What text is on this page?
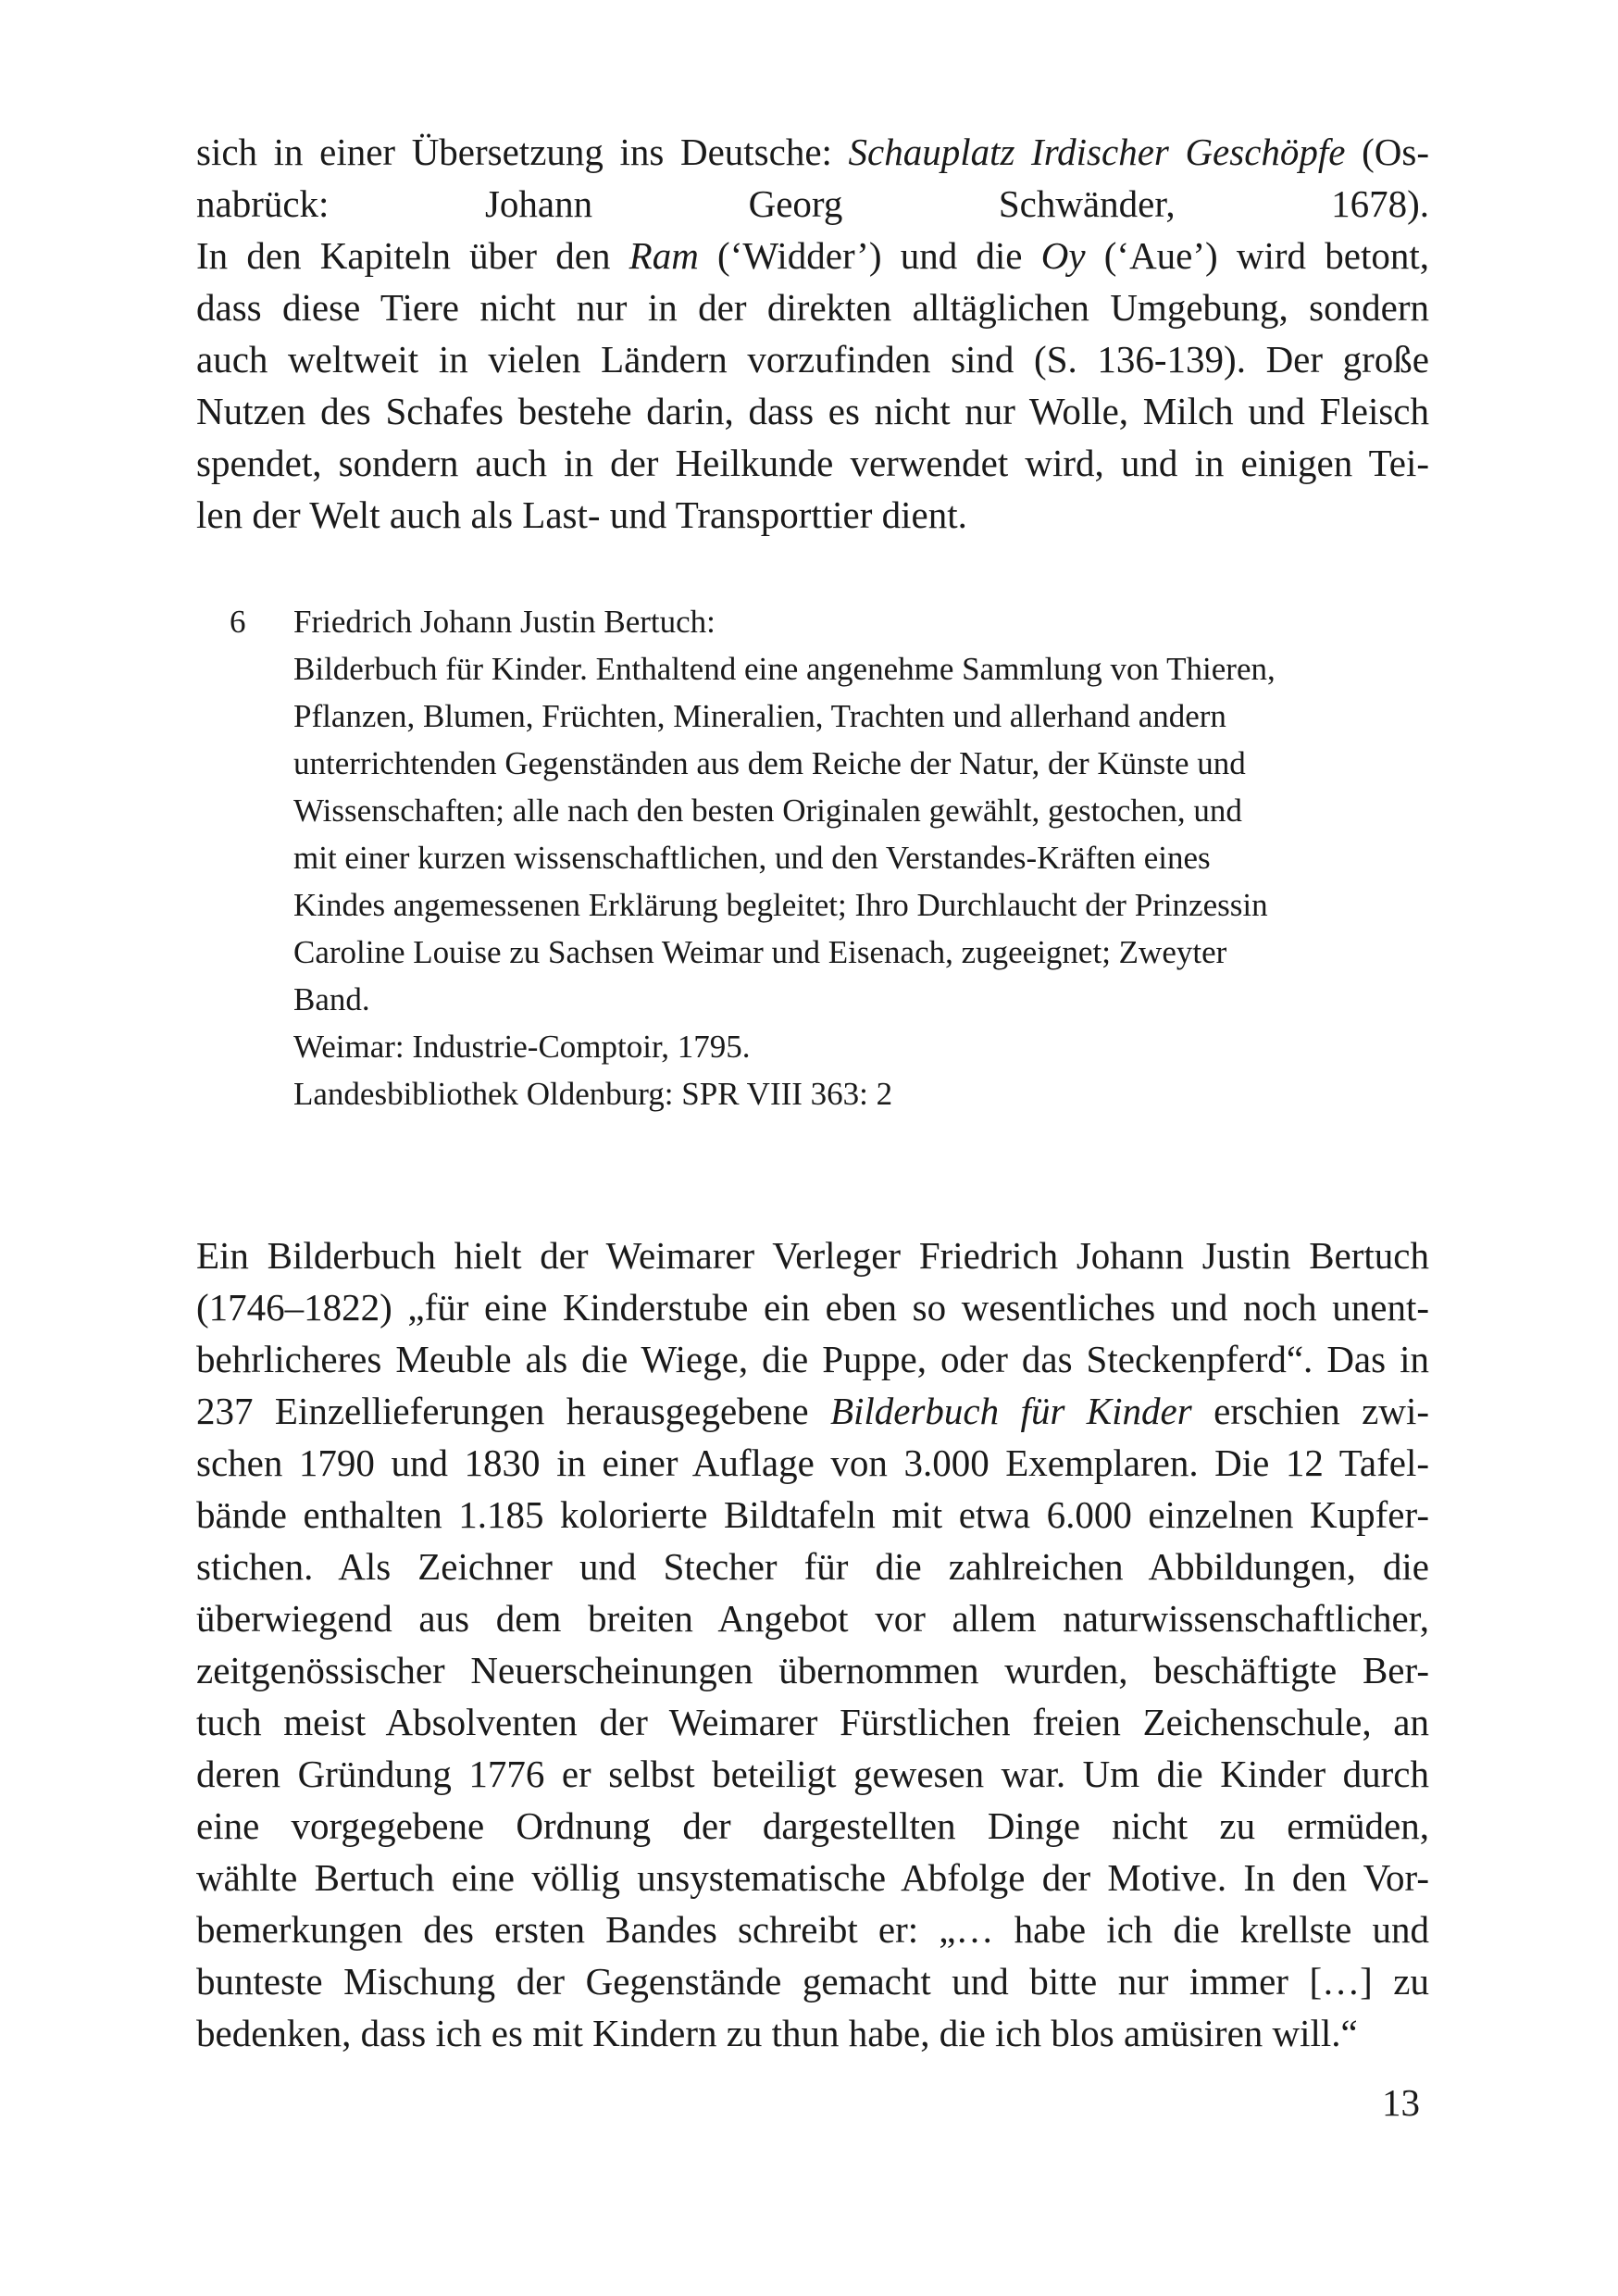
sich in einer Übersetzung ins Deutsche: Schauplatz Irdischer Geschöpfe (Os-
nabrück: Johann Georg Schwänder, 1678).
In den Kapiteln über den Ram (‘Widder’) und die Oy (‘Aue’) wird betont,
dass diese Tiere nicht nur in der direkten alltäglichen Umgebung, sondern
auch weltweit in vielen Ländern vorzufinden sind (S. 136-139). Der große
Nutzen des Schafes bestehe darin, dass es nicht nur Wolle, Milch und Fleisch
spendet, sondern auch in der Heilkunde verwendet wird, und in einigen Tei-
len der Welt auch als Last- und Transporttier dient.

6 Friedrich Johann Justin Bertuch:
Bilderbuch für Kinder. Enthaltend eine angenehme Sammlung von Thieren,
Pflanzen, Blumen, Früchten, Mineralien, Trachten und allerhand andern
unterrichtenden Gegenständen aus dem Reiche der Natur, der Künste und
Wissenschaften; alle nach den besten Originalen gewählt, gestochen, und
mit einer kurzen wissenschaftlichen, und den Verstandes-Kräften eines
Kindes angemessenen Erklärung begleitet; Ihro Durchlaucht der Prinzessin
Caroline Louise zu Sachsen Weimar und Eisenach, zugeeignet; Zweyter
Band.
Weimar: Industrie-Comptoir, 1795.
Landesbibliothek Oldenburg: SPR VIII 363: 2

Ein Bilderbuch hielt der Weimarer Verleger Friedrich Johann Justin Bertuch
(1746–1822) „für eine Kinderstube ein eben so wesentliches und noch unent-
behrlicheres Meuble als die Wiege, die Puppe, oder das Steckenpferd“. Das in
237 Einzellieferungen herausgegebene Bilderbuch für Kinder erschien zwi-
schen 1790 und 1830 in einer Auflage von 3.000 Exemplaren. Die 12 Tafel-
bände enthalten 1.185 kolorierte Bildtafeln mit etwa 6.000 einzelnen Kupfer-
stichen. Als Zeichner und Stecher für die zahlreichen Abbildungen, die
überwiegend aus dem breiten Angebot vor allem naturwissenschaftlicher,
zeitgenössischer Neuerscheinungen übernommen wurden, beschäftigte Ber-
tuch meist Absolventen der Weimarer Fürstlichen freien Zeichenschule, an
deren Gründung 1776 er selbst beteiligt gewesen war. Um die Kinder durch
eine vorgegebene Ordnung der dargestellten Dinge nicht zu ermüden,
wählte Bertuch eine völlig unsystematische Abfolge der Motive. In den Vor-
bemerkungen des ersten Bandes schreibt er: „… habe ich die krellste und
bunteste Mischung der Gegenstände gemacht und bitte nur immer […] zu
bedenken, dass ich es mit Kindern zu thun habe, die ich blos amüsiren will.“

13
